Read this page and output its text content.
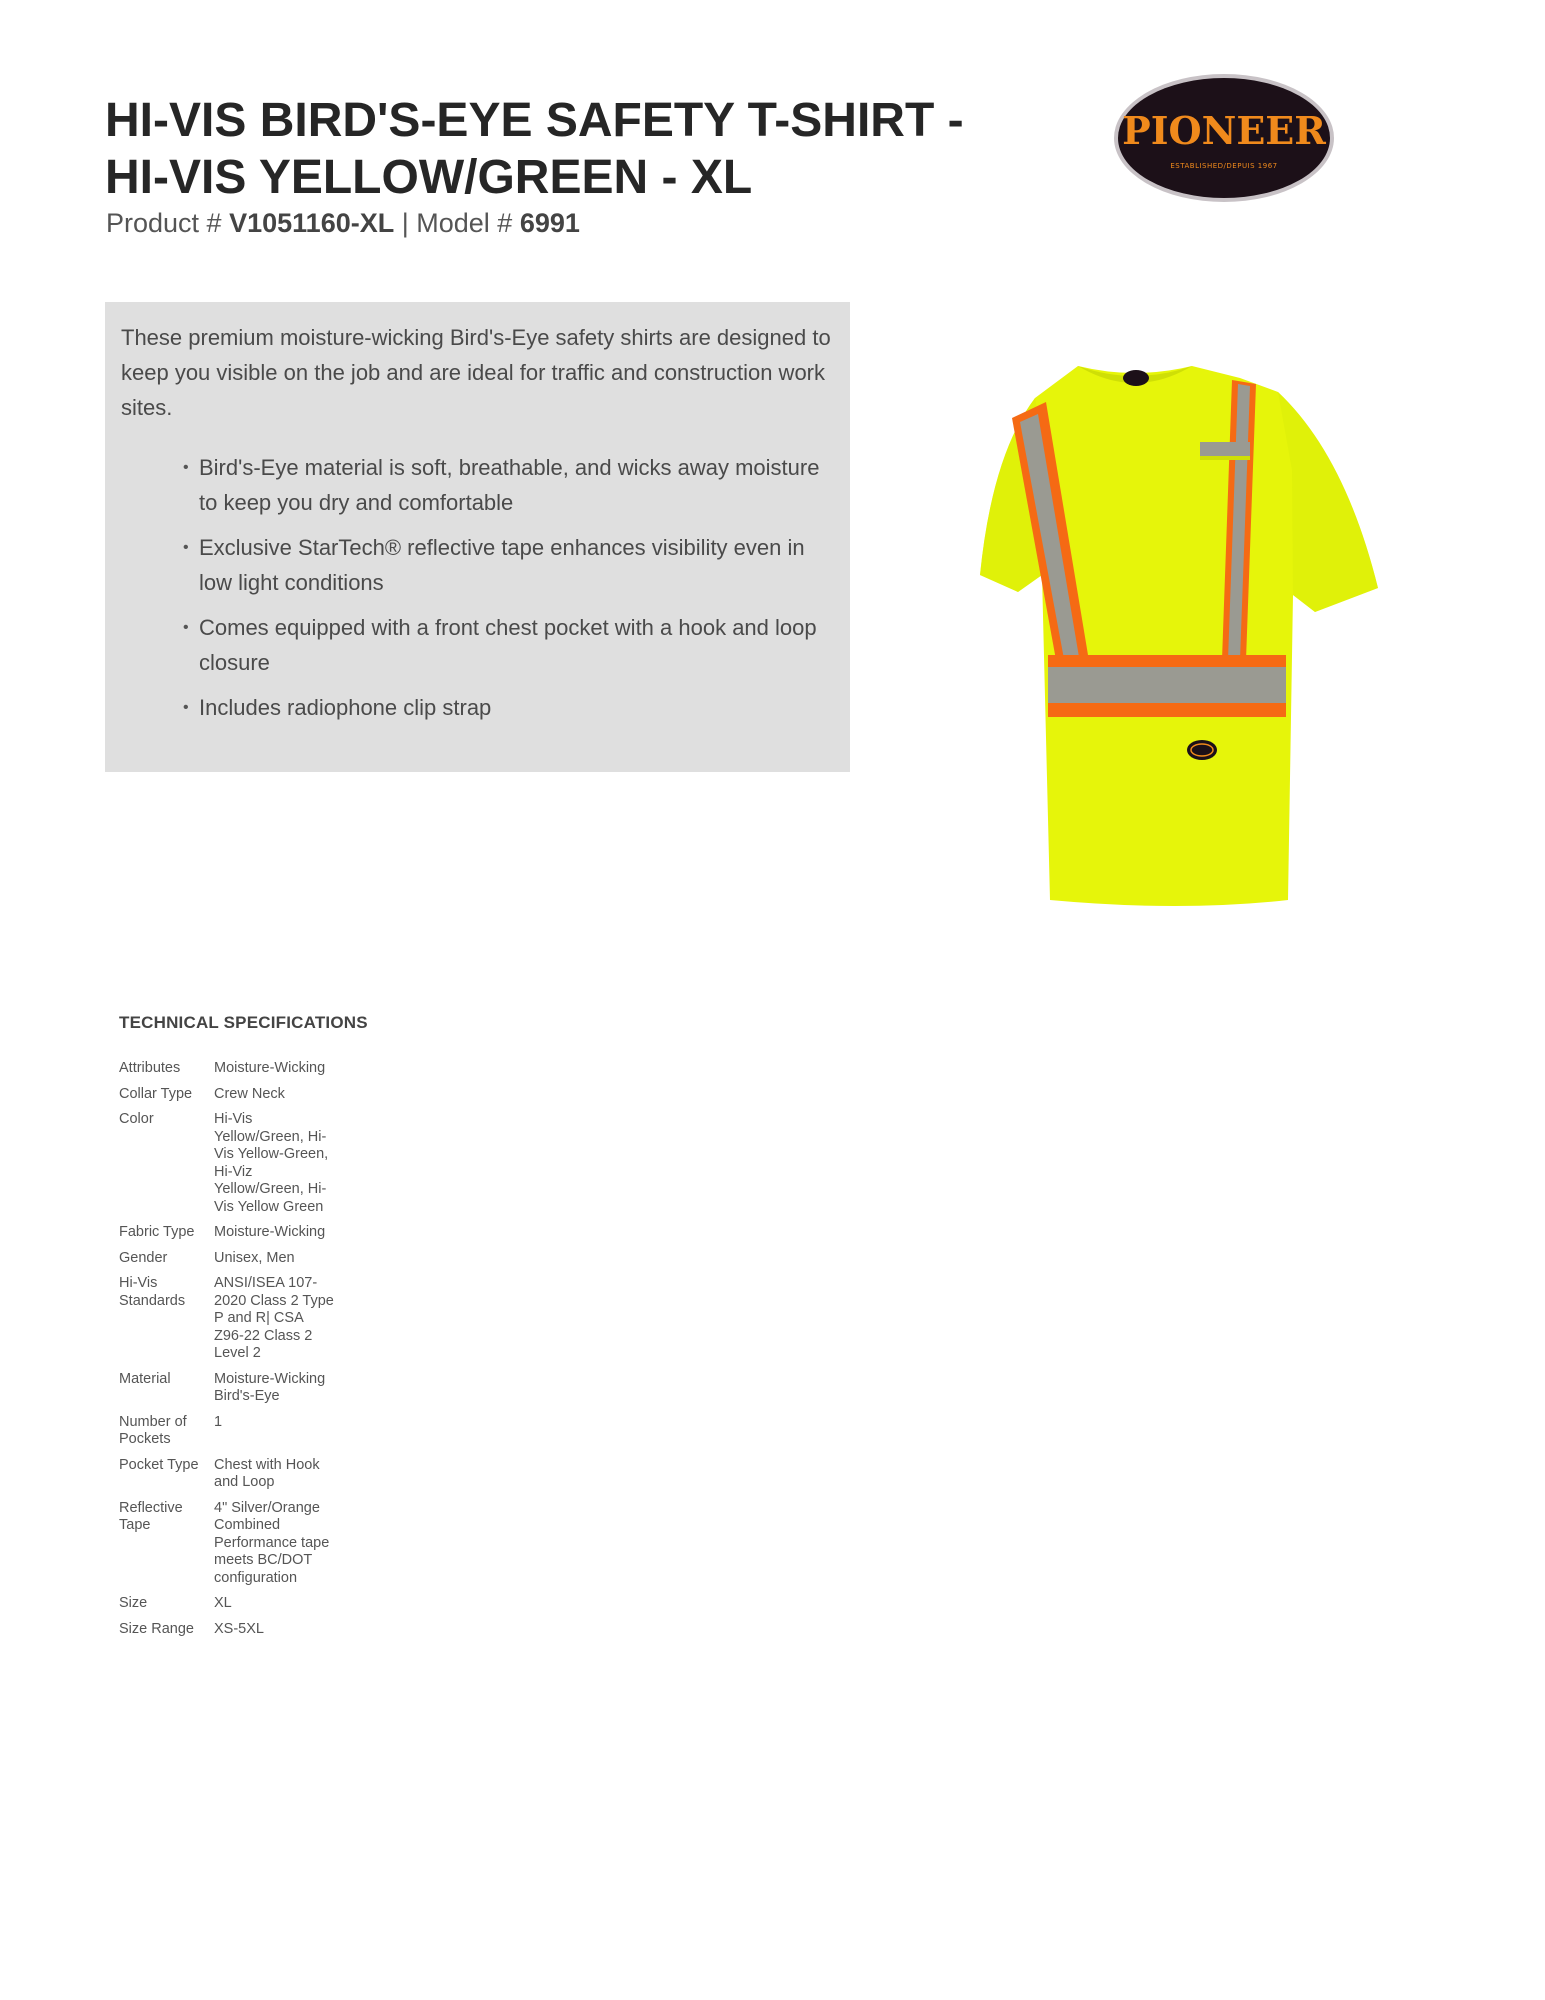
HI-VIS BIRD'S-EYE SAFETY T-SHIRT -
HI-VIS YELLOW/GREEN - XL
Product # V1051160-XL | Model # 6991
PIONEER
ESTABLISHED/DEPUIS 1967

These premium moisture-wicking Bird's-Eye safety shirts are designed to keep you visible on the job and are ideal for traffic and construction work sites.

• Bird's-Eye material is soft, breathable, and wicks away moisture to keep you dry and comfortable
• Exclusive StarTech® reflective tape enhances visibility even in low light conditions
• Comes equipped with a front chest pocket with a hook and loop closure
• Includes radiophone clip strap
TECHNICAL SPECIFICATIONS
Attributes	Moisture-Wicking
Collar Type	Crew Neck
Color	Hi-Vis Yellow/Green, Hi-Vis Yellow-Green, Hi-Viz Yellow/Green, Hi-Vis Yellow Green
Fabric Type	Moisture-Wicking
Gender	Unisex, Men
Hi-Vis Standards	ANSI/ISEA 107-2020 Class 2 Type P and R| CSA Z96-22 Class 2 Level 2
Material	Moisture-Wicking Bird's-Eye
Number of Pockets	1
Pocket Type	Chest with Hook and Loop
Reflective Tape	4" Silver/Orange Combined Performance tape meets BC/DOT configuration
Size	XL
Size Range	XS-5XL
